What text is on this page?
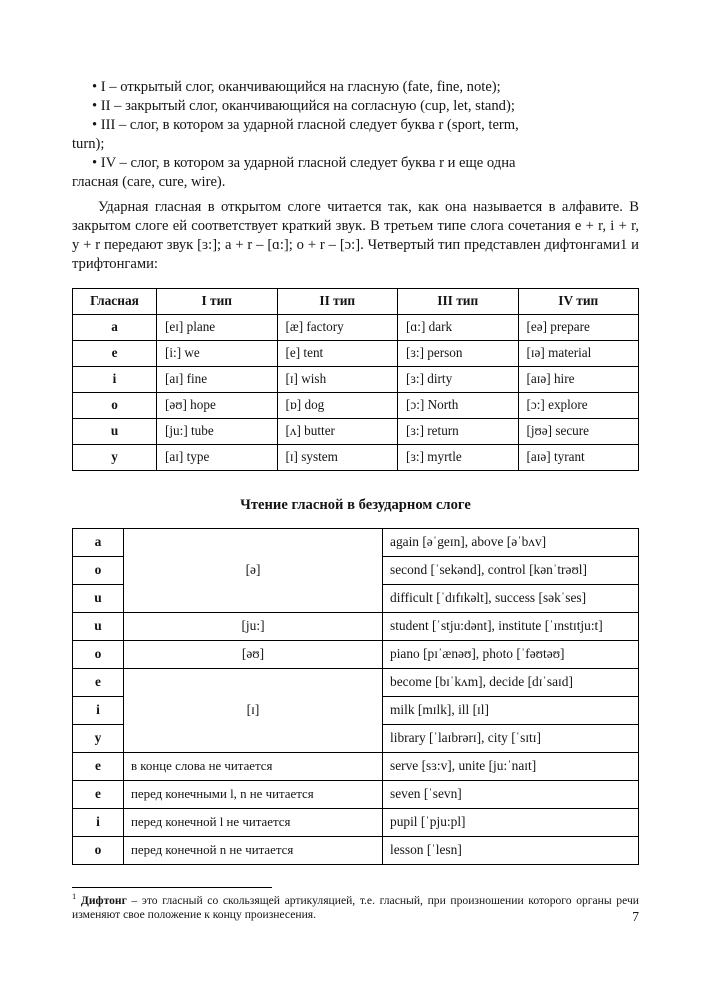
• I – открытый слог, оканчивающийся на гласную (fate, fine, note);
• II – закрытый слог, оканчивающийся на согласную (cup, let, stand);
• III – слог, в котором за ударной гласной следует буква r (sport, term,
turn);
• IV – слог, в котором за ударной гласной следует буква r и еще одна
гласная (care, cure, wire).
Ударная гласная в открытом слоге читается так, как она называется в алфавите. В закрытом слоге ей соответствует краткий звук. В третьем типе слога сочетания e + r, i + r, y + r передают звук [ɜ:]; a + r – [ɑ:]; o + r – [ɔ:]. Четвертый тип представлен дифтонгами1 и трифтонгами:
Гласная	I тип	II тип	III тип	IV тип
a	[eɪ] plane	[æ] factory	[ɑ:] dark	[eə] prepare
e	[i:] we	[e] tent	[ɜ:] person	[ɪə] material
i	[aɪ] fine	[ɪ] wish	[ɜ:] dirty	[aɪə] hire
o	[əʊ] hope	[ɒ] dog	[ɔ:] North	[ɔ:] explore
u	[ju:] tube	[ʌ] butter	[ɜ:] return	[jʊə] secure
y	[aɪ] type	[ɪ] system	[ɜ:] myrtle	[aɪə] tyrant
Чтение гласной в безударном слоге
a	[ə]	again [əˈgeɪn], above [əˈbʌv]
o		second [ˈsekənd], control [kənˈtrəʊl]
u		difficult [ˈdɪfɪkəlt], success [səkˈses]
u	[ju:]	student [ˈstju:dənt], institute [ˈɪnstɪtju:t]
o	[əʊ]	piano [pɪˈænəʊ], photo [ˈfəʊtəʊ]
e	[ɪ]	become [bɪˈkʌm], decide [dɪˈsaɪd]
i		milk [mɪlk], ill [ɪl]
y		library [ˈlaɪbrərɪ], city [ˈsɪtɪ]
e	в конце слова не читается	serve [sɜ:v], unite [ju:ˈnaɪt]
e	перед конечными l, n не читается	seven [ˈsevn]
i	перед конечной l не читается	pupil [ˈpju:pl]
o	перед конечной n не читается	lesson [ˈlesn]
$^1$ Дифтонг – это гласный со скользящей артикуляцией, т.е. гласный, при произношении которого органы речи изменяют свое положение к концу произнесения.	7
